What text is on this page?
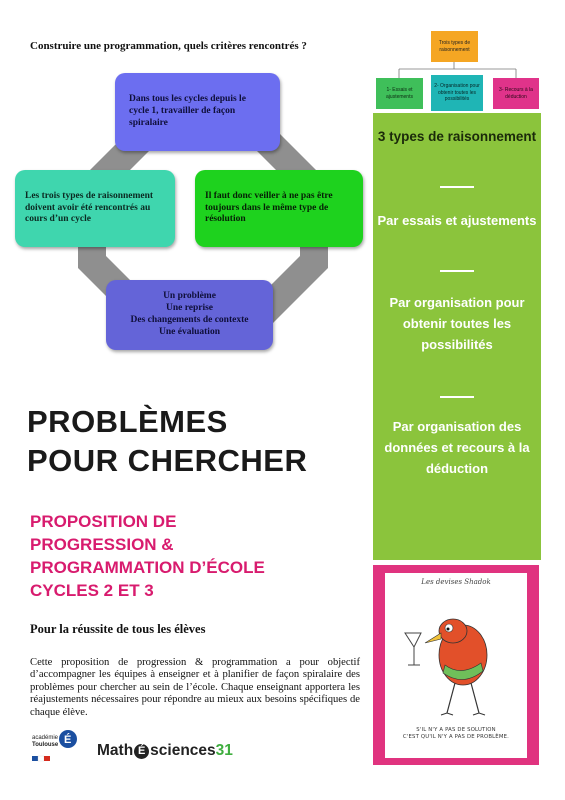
Construire une programmation, quels critères rencontrés ?
Dans tous les cycles depuis le cycle 1, travailler de façon spiralaire
Les trois types de raisonnement doivent avoir été rencontrés au cours d’un cycle
Il faut donc veiller à ne pas être toujours dans le même type de résolution
Un problème
Une reprise
Des changements de contexte
Une évaluation
PROBLÈMES
POUR CHERCHER
PROPOSITION DE
PROGRESSION &
PROGRAMMATION D’ÉCOLE
CYCLES 2 ET 3
Pour la réussite de tous les élèves
Cette proposition de progression & programmation a pour objectif d’accompagner les équipes à enseigner et à planifier de façon spiralaire des problèmes pour chercher au sein de l’école. Chaque enseignant apportera les réajustements nécessaires pour répondre au mieux aux besoins spécifiques de chaque élève.
académie
Toulouse É
Math É sciences 31
Trois types de raisonnement
1- Essais et ajustements
2- Organisation pour obtenir toutes les possibilités
3- Recours à la déduction
3 types de raisonnement
Par essais et ajustements
Par organisation pour obtenir toutes les possibilités
Par organisation des données et recours à la déduction
Les devises Shadok
S'IL N'Y A PAS DE SOLUTION
C'EST QU'IL N'Y A PAS DE PROBLÈME.
